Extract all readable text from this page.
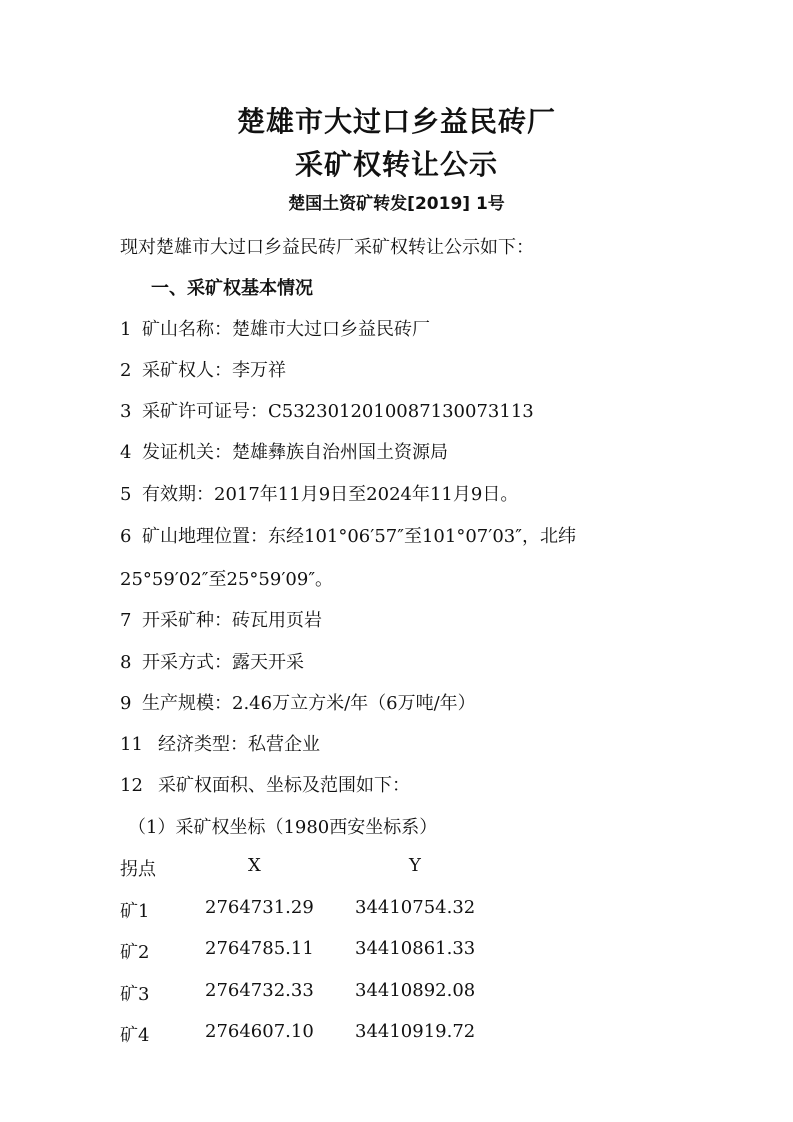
楚雄市大过口乡益民砖厂
采矿权转让公示
楚国土资矿转发[2019] 1号
现对楚雄市大过口乡益民砖厂采矿权转让公示如下：
一、采矿权基本情况
1 矿山名称：楚雄市大过口乡益民砖厂
2 采矿权人：李万祥
3 采矿许可证号：C5323012010087130073113
4 发证机关：楚雄彝族自治州国土资源局
5 有效期：2017年11月9日至2024年11月9日。
6 矿山地理位置：东经101°06′57″至101°07′03″，北纬
25°59′02″至25°59′09″。
7 开采矿种：砖瓦用页岩
8 开采方式：露天开采
9 生产规模：2.46万立方米/年（6万吨/年）
11 经济类型：私营企业
12 采矿权面积、坐标及范围如下：
（1）采矿权坐标（1980西安坐标系）
拐点	X	Y
矿1	2764731.29 34410754.32
矿2	2764785.11 34410861.33
矿3	2764732.33 34410892.08
矿4	2764607.10 34410919.72
